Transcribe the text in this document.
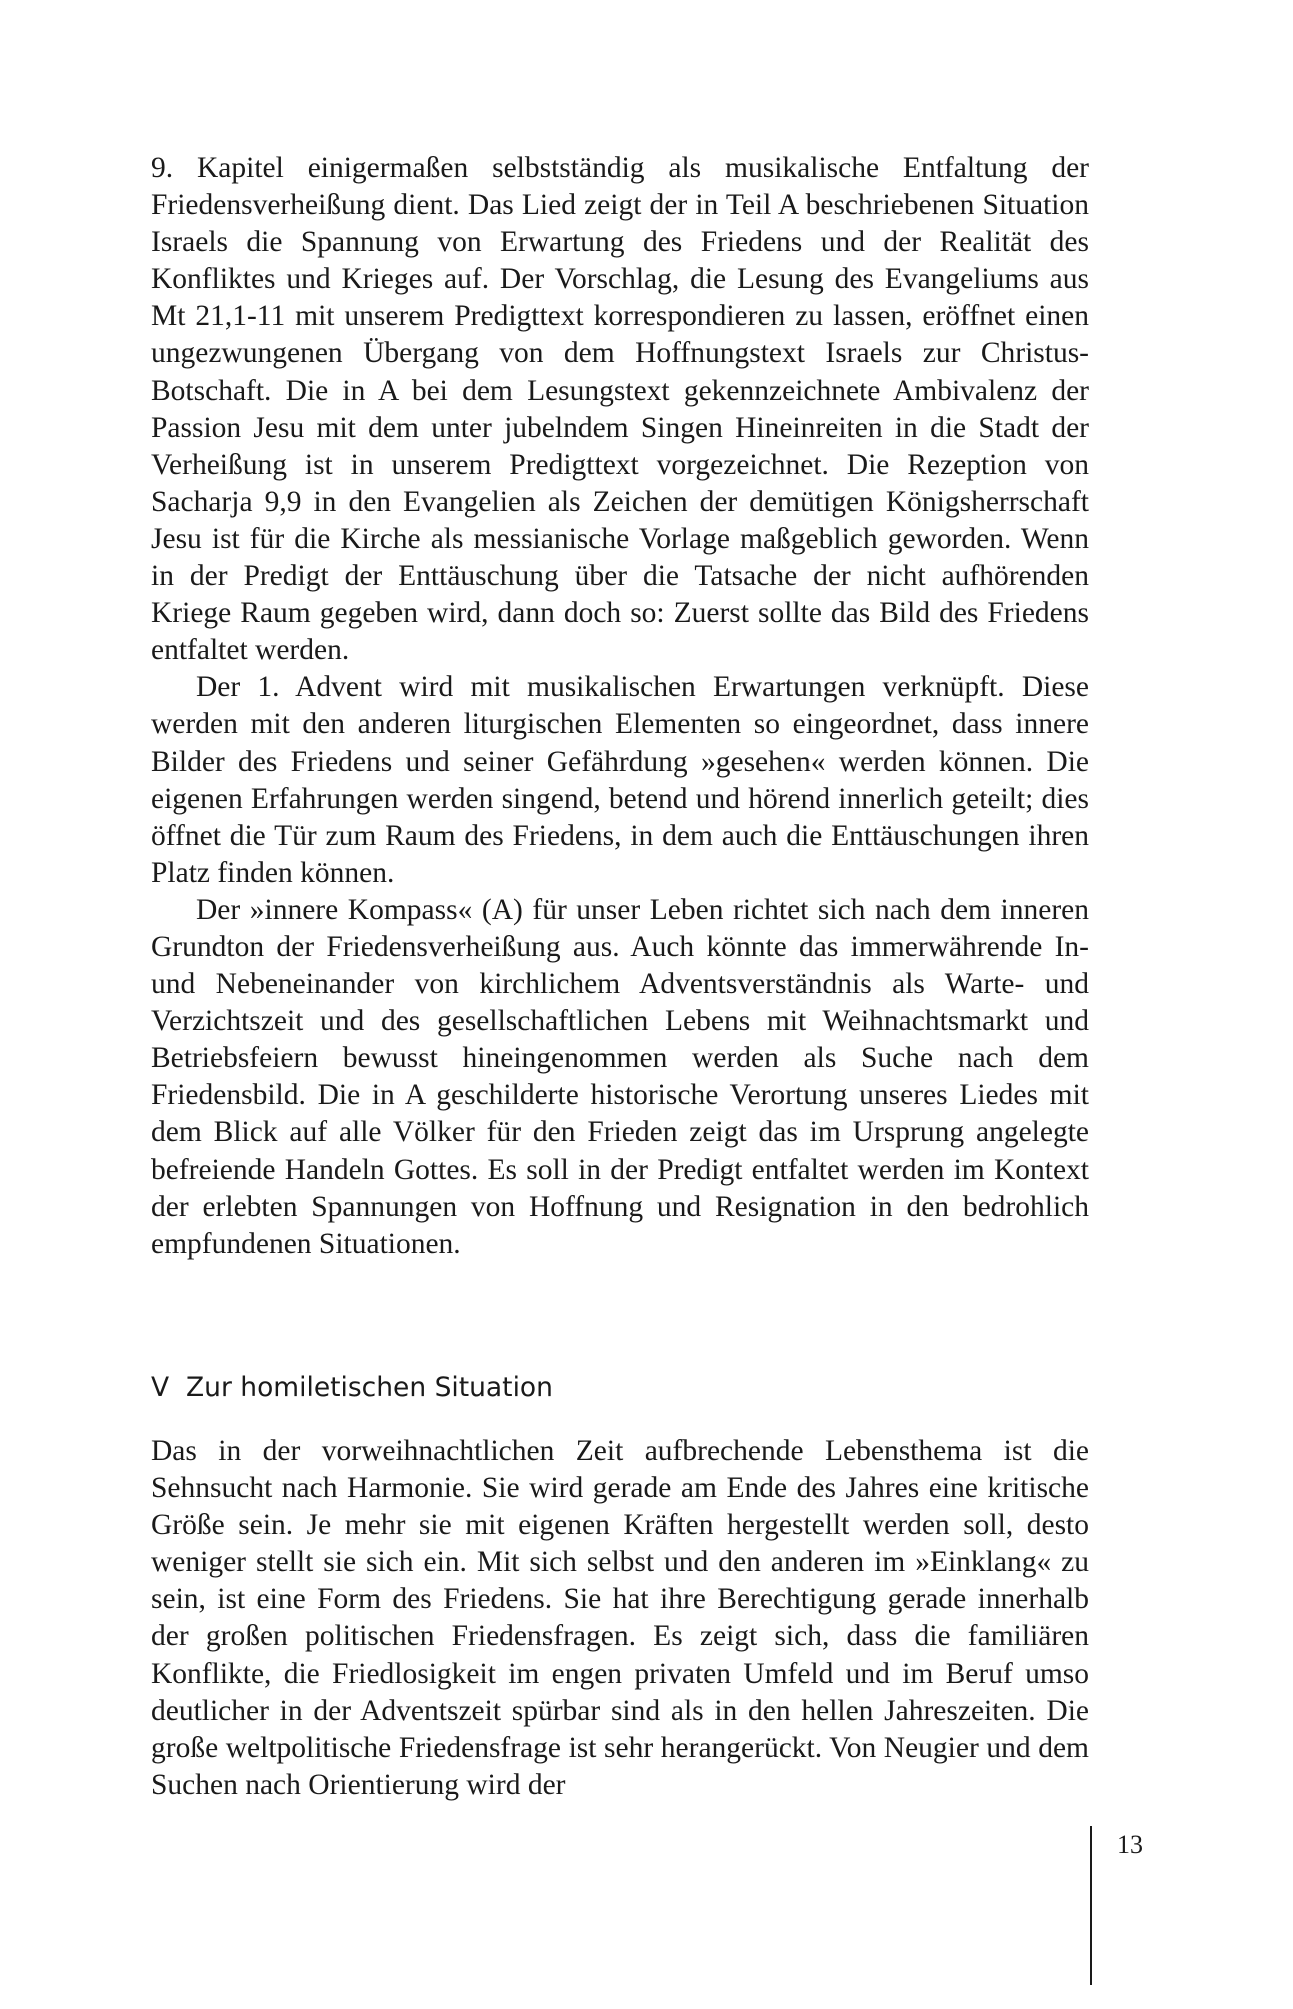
9. Kapitel einigermaßen selbstständig als musikalische Entfaltung der Friedensverheißung dient. Das Lied zeigt der in Teil A beschriebenen Situation Israels die Spannung von Erwartung des Friedens und der Realität des Konfliktes und Krieges auf. Der Vorschlag, die Lesung des Evangeliums aus Mt 21,1-11 mit unserem Predigttext korrespondieren zu lassen, eröffnet einen ungezwungenen Übergang von dem Hoffnungstext Israels zur Christus-Botschaft. Die in A bei dem Lesungstext gekennzeichnete Ambivalenz der Passion Jesu mit dem unter jubelndem Singen Hineinreiten in die Stadt der Verheißung ist in unserem Predigttext vorgezeichnet. Die Rezeption von Sacharja 9,9 in den Evangelien als Zeichen der demütigen Königsherrschaft Jesu ist für die Kirche als messianische Vorlage maßgeblich geworden. Wenn in der Predigt der Enttäuschung über die Tatsache der nicht aufhörenden Kriege Raum gegeben wird, dann doch so: Zuerst sollte das Bild des Friedens entfaltet werden.

Der 1. Advent wird mit musikalischen Erwartungen verknüpft. Diese werden mit den anderen liturgischen Elementen so eingeordnet, dass innere Bilder des Friedens und seiner Gefährdung »gesehen« werden können. Die eigenen Erfahrungen werden singend, betend und hörend innerlich geteilt; dies öffnet die Tür zum Raum des Friedens, in dem auch die Enttäuschungen ihren Platz finden können.

Der »innere Kompass« (A) für unser Leben richtet sich nach dem inneren Grundton der Friedensverheißung aus. Auch könnte das immerwährende In- und Nebeneinander von kirchlichem Adventsverständnis als Warte- und Verzichtszeit und des gesellschaftlichen Lebens mit Weihnachtsmarkt und Betriebsfeiern bewusst hineingenommen werden als Suche nach dem Friedensbild. Die in A geschilderte historische Verortung unseres Liedes mit dem Blick auf alle Völker für den Frieden zeigt das im Ursprung angelegte befreiende Handeln Gottes. Es soll in der Predigt entfaltet werden im Kontext der erlebten Spannungen von Hoffnung und Resignation in den bedrohlich empfundenen Situationen.

V Zur homiletischen Situation

Das in der vorweihnachtlichen Zeit aufbrechende Lebensthema ist die Sehnsucht nach Harmonie. Sie wird gerade am Ende des Jahres eine kritische Größe sein. Je mehr sie mit eigenen Kräften hergestellt werden soll, desto weniger stellt sie sich ein. Mit sich selbst und den anderen im »Einklang« zu sein, ist eine Form des Friedens. Sie hat ihre Berechtigung gerade innerhalb der großen politischen Friedensfragen. Es zeigt sich, dass die familiären Konflikte, die Friedlosigkeit im engen privaten Umfeld und im Beruf umso deutlicher in der Adventszeit spürbar sind als in den hellen Jahreszeiten. Die große weltpolitische Friedensfrage ist sehr herangerückt. Von Neugier und dem Suchen nach Orientierung wird der

13
